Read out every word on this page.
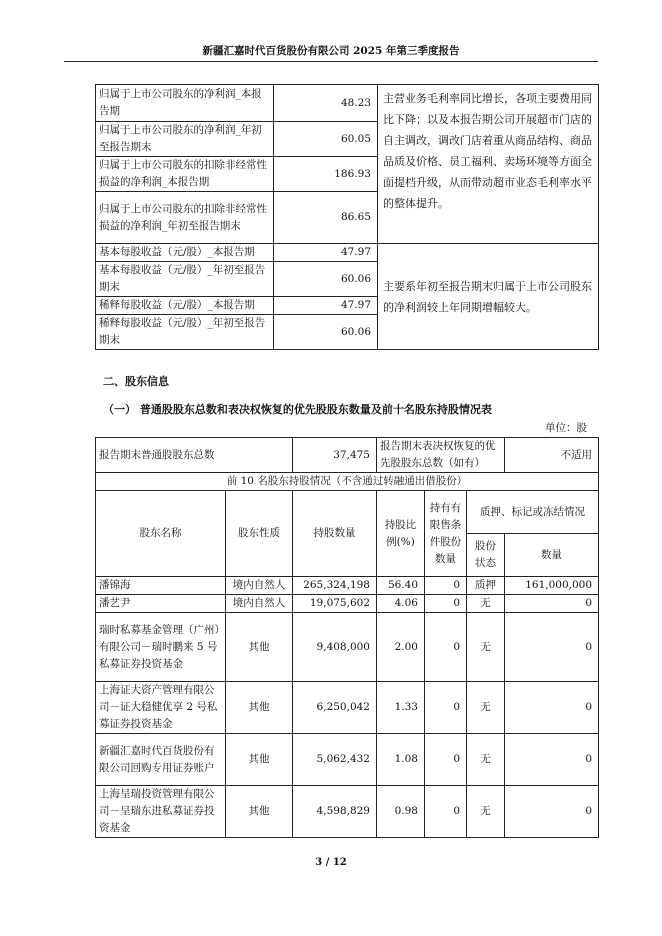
新疆汇嘉时代百货股份有限公司 2025 年第三季度报告
归属于上市公司股东的净利润_本报告期	48.23	主营业务毛利率同比增长，各项主要费用同比下降；以及本报告期公司开展超市门店的自主调改，调改门店着重从商品结构、商品品质及价格、员工福利、卖场环境等方面全面提档升级，从而带动超市业态毛利率水平的整体提升。
归属于上市公司股东的净利润_年初至报告期末	60.05	
归属于上市公司股东的扣除非经常性损益的净利润_本报告期	186.93	
归属于上市公司股东的扣除非经常性损益的净利润_年初至报告期末	86.65	
基本每股收益（元/股）_本报告期	47.97	主要系年初至报告期末归属于上市公司股东的净利润较上年同期增幅较大。
基本每股收益（元/股）_年初至报告期末	60.06	
稀释每股收益（元/股）_本报告期	47.97	
稀释每股收益（元/股）_年初至报告期末	60.06	
二、股东信息
（一） 普通股股东总数和表决权恢复的优先股股东数量及前十名股东持股情况表
单位：股
报告期末普通股股东总数		37,475	报告期末表决权恢复的优先股股东总数（如有）			不适用
前 10 名股东持股情况（不含通过转融通出借股份）						
股东名称	股东性质	持股数量	持股比例(%)	持有有限售条件股份数量	质押、标记或冻结情况	
					股份状态	数量
潘锦海	境内自然人	265,324,198	56.40	0	质押	161,000,000
潘艺尹	境内自然人	19,075,602	4.06	0	无	0
瑞时私募基金管理（广州）有限公司－瑞时鹏来 5 号私募证券投资基金	其他	9,408,000	2.00	0	无	0
上海证大资产管理有限公司－证大稳健优享 2 号私募证券投资基金	其他	6,250,042	1.33	0	无	0
新疆汇嘉时代百货股份有限公司回购专用证券账户	其他	5,062,432	1.08	0	无	0
上海呈瑞投资管理有限公司－呈瑞东进私募证券投资基金	其他	4,598,829	0.98	0	无	0
3 / 12
